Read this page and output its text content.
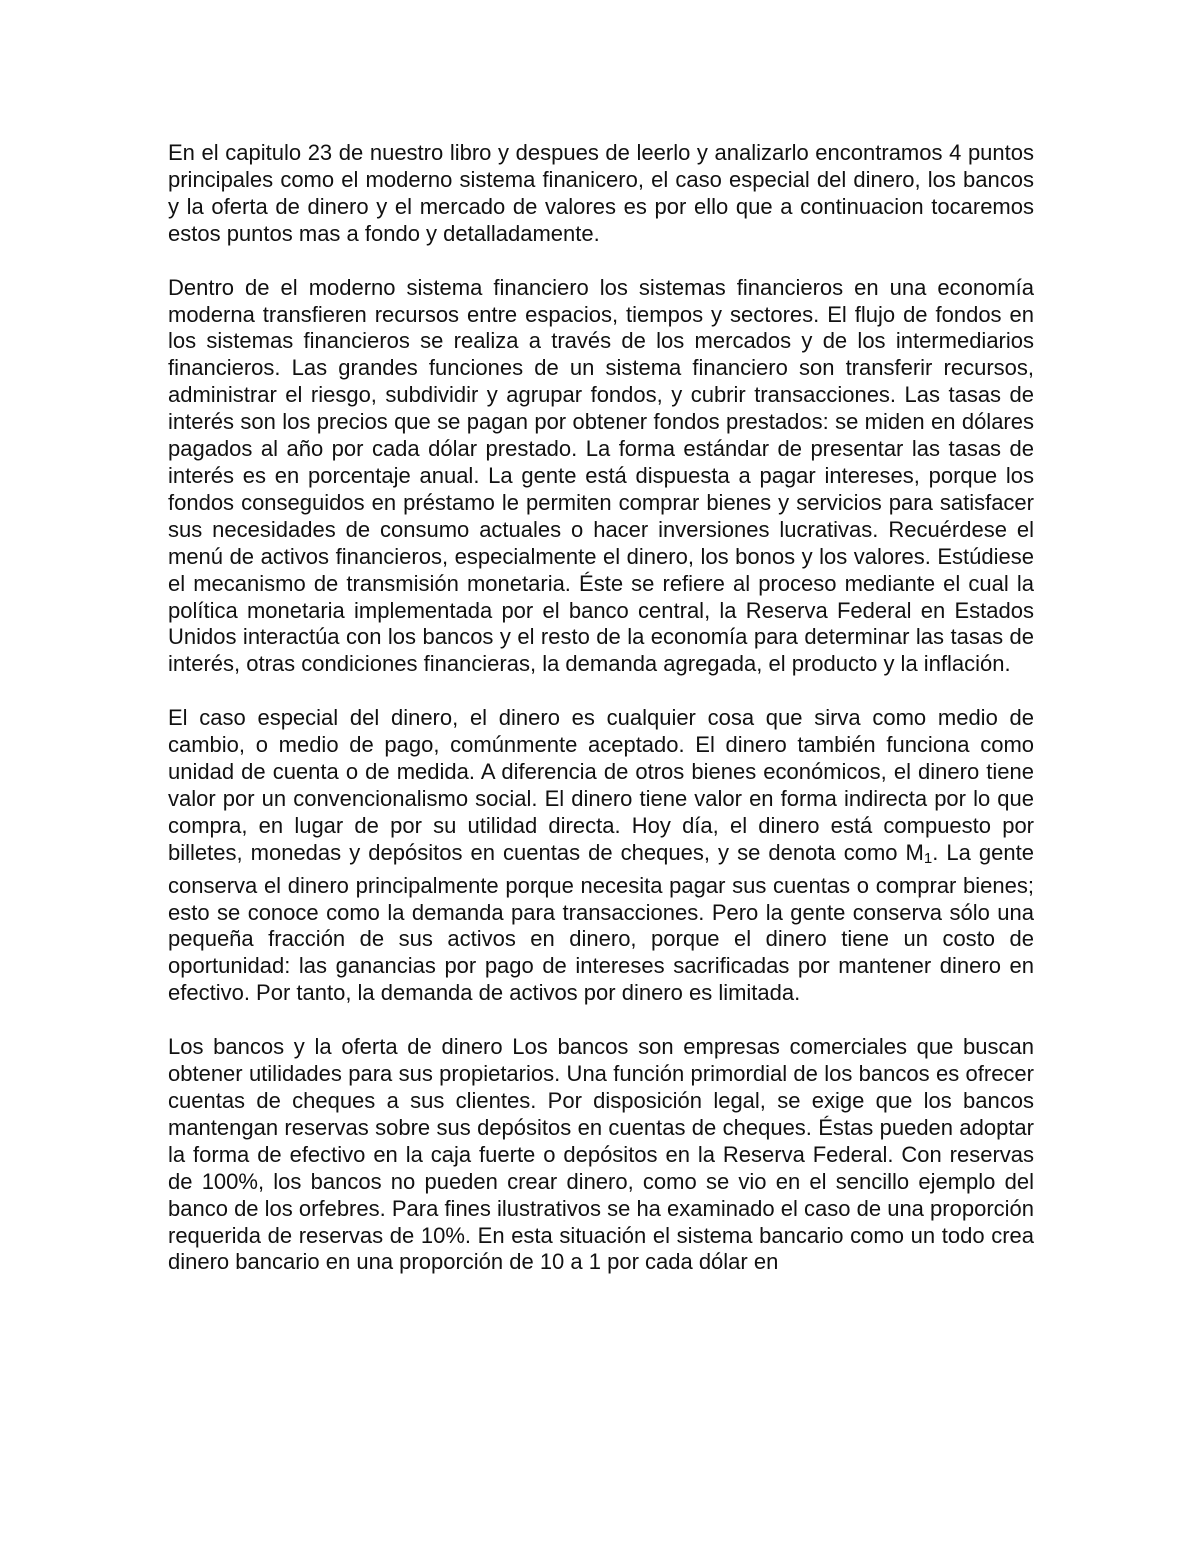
En el capitulo 23 de nuestro libro y despues de leerlo y analizarlo encontramos 4 puntos principales como el moderno sistema finanicero, el caso especial del dinero, los bancos y la oferta de dinero y el mercado de valores es por ello que a continuacion tocaremos estos puntos mas a fondo y detalladamente.

Dentro de el moderno sistema financiero los sistemas financieros en una economía moderna transfieren recursos entre espacios, tiempos y sectores. El flujo de fondos en los sistemas financieros se realiza a través de los mercados y de los intermediarios financieros. Las grandes funciones de un sistema financiero son transferir recursos, administrar el riesgo, subdividir y agrupar fondos, y cubrir transacciones. Las tasas de interés son los precios que se pagan por obtener fondos prestados: se miden en dólares pagados al año por cada dólar prestado. La forma estándar de presentar las tasas de interés es en porcentaje anual. La gente está dispuesta a pagar intereses, porque los fondos conseguidos en préstamo le permiten comprar bienes y servicios para satisfacer sus necesidades de consumo actuales o hacer inversiones lucrativas. Recuérdese el menú de activos financieros, especialmente el dinero, los bonos y los valores. Estúdiese el mecanismo de transmisión monetaria. Éste se refiere al proceso mediante el cual la política monetaria implementada por el banco central, la Reserva Federal en Estados Unidos interactúa con los bancos y el resto de la economía para determinar las tasas de interés, otras condiciones financieras, la demanda agregada, el producto y la inflación.

El caso especial del dinero, el dinero es cualquier cosa que sirva como medio de cambio, o medio de pago, comúnmente aceptado. El dinero también funciona como unidad de cuenta o de medida. A diferencia de otros bienes económicos, el dinero tiene valor por un convencionalismo social. El dinero tiene valor en forma indirecta por lo que compra, en lugar de por su utilidad directa. Hoy día, el dinero está compuesto por billetes, monedas y depósitos en cuentas de cheques, y se denota como M1. La gente conserva el dinero principalmente porque necesita pagar sus cuentas o comprar bienes; esto se conoce como la demanda para transacciones. Pero la gente conserva sólo una pequeña fracción de sus activos en dinero, porque el dinero tiene un costo de oportunidad: las ganancias por pago de intereses sacrificadas por mantener dinero en efectivo. Por tanto, la demanda de activos por dinero es limitada.

Los bancos y la oferta de dinero Los bancos son empresas comerciales que buscan obtener utilidades para sus propietarios. Una función primordial de los bancos es ofrecer cuentas de cheques a sus clientes. Por disposición legal, se exige que los bancos mantengan reservas sobre sus depósitos en cuentas de cheques. Éstas pueden adoptar la forma de efectivo en la caja fuerte o depósitos en la Reserva Federal. Con reservas de 100%, los bancos no pueden crear dinero, como se vio en el sencillo ejemplo del banco de los orfebres. Para fines ilustrativos se ha examinado el caso de una proporción requerida de reservas de 10%. En esta situación el sistema bancario como un todo crea dinero bancario en una proporción de 10 a 1 por cada dólar en
